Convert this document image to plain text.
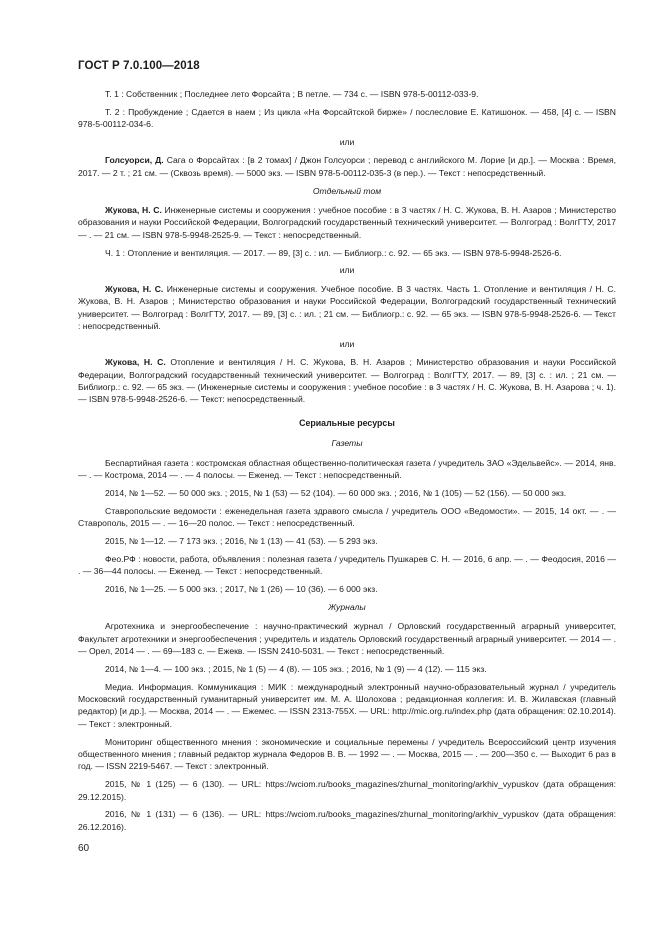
ГОСТ Р 7.0.100—2018

Т. 1 : Собственник ; Последнее лето Форсайта ; В петле. — 734 с. — ISBN 978-5-00112-033-9.

Т. 2 : Пробуждение ; Сдается в наем ; Из цикла «На Форсайтской бирже» / послесловие Е. Катишонок. — 458, [4] с. — ISBN 978-5-00112-034-6.

или

Голсуорси, Д. Сага о Форсайтах : [в 2 томах] / Джон Голсуорси ; перевод с английского М. Лорие [и др.]. — Москва : Время, 2017. — 2 т. ; 21 см. — (Сквозь время). — 5000 экз. — ISBN 978-5-00112-035-3 (в пер.). — Текст : непосредственный.

Отдельный том

Жукова, Н. С. Инженерные системы и сооружения : учебное пособие : в 3 частях / Н. С. Жукова, В. Н. Азаров ; Министерство образования и науки Российской Федерации, Волгоградский государственный технический университет. — Волгоград : ВолгГТУ, 2017— . — 21 см. — ISBN 978-5-9948-2525-9. — Текст : непосредственный.

Ч. 1 : Отопление и вентиляция. — 2017. — 89, [3] с. : ил. — Библиогр.: с. 92. — 65 экз. — ISBN 978-5-9948-2526-6.

или

Жукова, Н. С. Инженерные системы и сооружения. Учебное пособие. В 3 частях. Часть 1. Отопление и вентиляция / Н. С. Жукова, В. Н. Азаров ; Министерство образования и науки Российской Федерации, Волгоградский государственный технический университет. — Волгоград : ВолгГТУ, 2017. — 89, [3] с. : ил. ; 21 см. — Библиогр.: с. 92. — 65 экз. — ISBN 978-5-9948-2526-6. — Текст : непосредственный.

или

Жукова, Н. С. Отопление и вентиляция / Н. С. Жукова, В. Н. Азаров ; Министерство образования и науки Российской Федерации, Волгоградский государственный технический университет. — Волгоград : ВолгГТУ, 2017. — 89, [3] с. : ил. ; 21 см. — Библиогр.: с. 92. — 65 экз. — (Инженерные системы и сооружения : учебное пособие : в 3 частях / Н. С. Жукова, В. Н. Азарова ; ч. 1). — ISBN 978-5-9948-2526-6. — Текст: непосредственный.

Сериальные ресурсы
Газеты

Беспартийная газета : костромская областная общественно-политическая газета / учредитель ЗАО «Эдельвейс». — 2014, янв. — . — Кострома, 2014 — . — 4 полосы. — Еженед. — Текст : непосредственный.

2014, № 1—52. — 50 000 экз. ; 2015, № 1 (53) — 52 (104). — 60 000 экз. ; 2016, № 1 (105) — 52 (156). — 50 000 экз.

Ставропольские ведомости : еженедельная газета здравого смысла / учредитель ООО «Ведомости». — 2015, 14 окт. — . — Ставрополь, 2015 — . — 16—20 полос. — Текст : непосредственный.

2015, № 1—12. — 7 173 экз. ; 2016, № 1 (13) — 41 (53). — 5 293 экз.

Фео.РФ : новости, работа, объявления : полезная газета / учредитель Пушкарев С. Н. — 2016, 6 апр. — . — Феодосия, 2016 — . — 36—44 полосы. — Еженед. — Текст : непосредственный.

2016, № 1—25. — 5 000 экз. ; 2017, № 1 (26) — 10 (36). — 6 000 экз.

Журналы

Агротехника и энергообеспечение : научно-практический журнал / Орловский государственный аграрный университет, Факультет агротехники и энергообеспечения ; учредитель и издатель Орловский государственный аграрный университет. — 2014 — . — Орел, 2014 — . — 69—183 с. — Ежекв. — ISSN 2410-5031. — Текст : непосредственный.

2014, № 1—4. — 100 экз. ; 2015, № 1 (5) — 4 (8). — 105 экз. ; 2016, № 1 (9) — 4 (12). — 115 экз.

Медиа. Информация. Коммуникация : МИК : международный электронный научно-образовательный журнал / учредитель Московский государственный гуманитарный университет им. М. А. Шолохова ; редакционная коллегия: И. В. Жилавская (главный редактор) [и др.]. — Москва, 2014 — . — Ежемес. — ISSN 2313-755X. — URL: http://mic.org.ru/index.php (дата обращения: 02.10.2014). — Текст : электронный.

Мониторинг общественного мнения : экономические и социальные перемены / учредитель Всероссийский центр изучения общественного мнения ; главный редактор журнала Федоров В. В. — 1992 — . — Москва, 2015 — . — 200—350 с. — Выходит 6 раз в год. — ISSN 2219-5467. — Текст : электронный.

2015, № 1 (125) — 6 (130). — URL: https://wciom.ru/books_magazines/zhurnal_monitoring/arkhiv_vypuskov (дата обращения: 29.12.2015).

2016, № 1 (131) — 6 (136). — URL: https://wciom.ru/books_magazines/zhurnal_monitoring/arkhiv_vypuskov (дата обращения: 26.12.2016).

60
